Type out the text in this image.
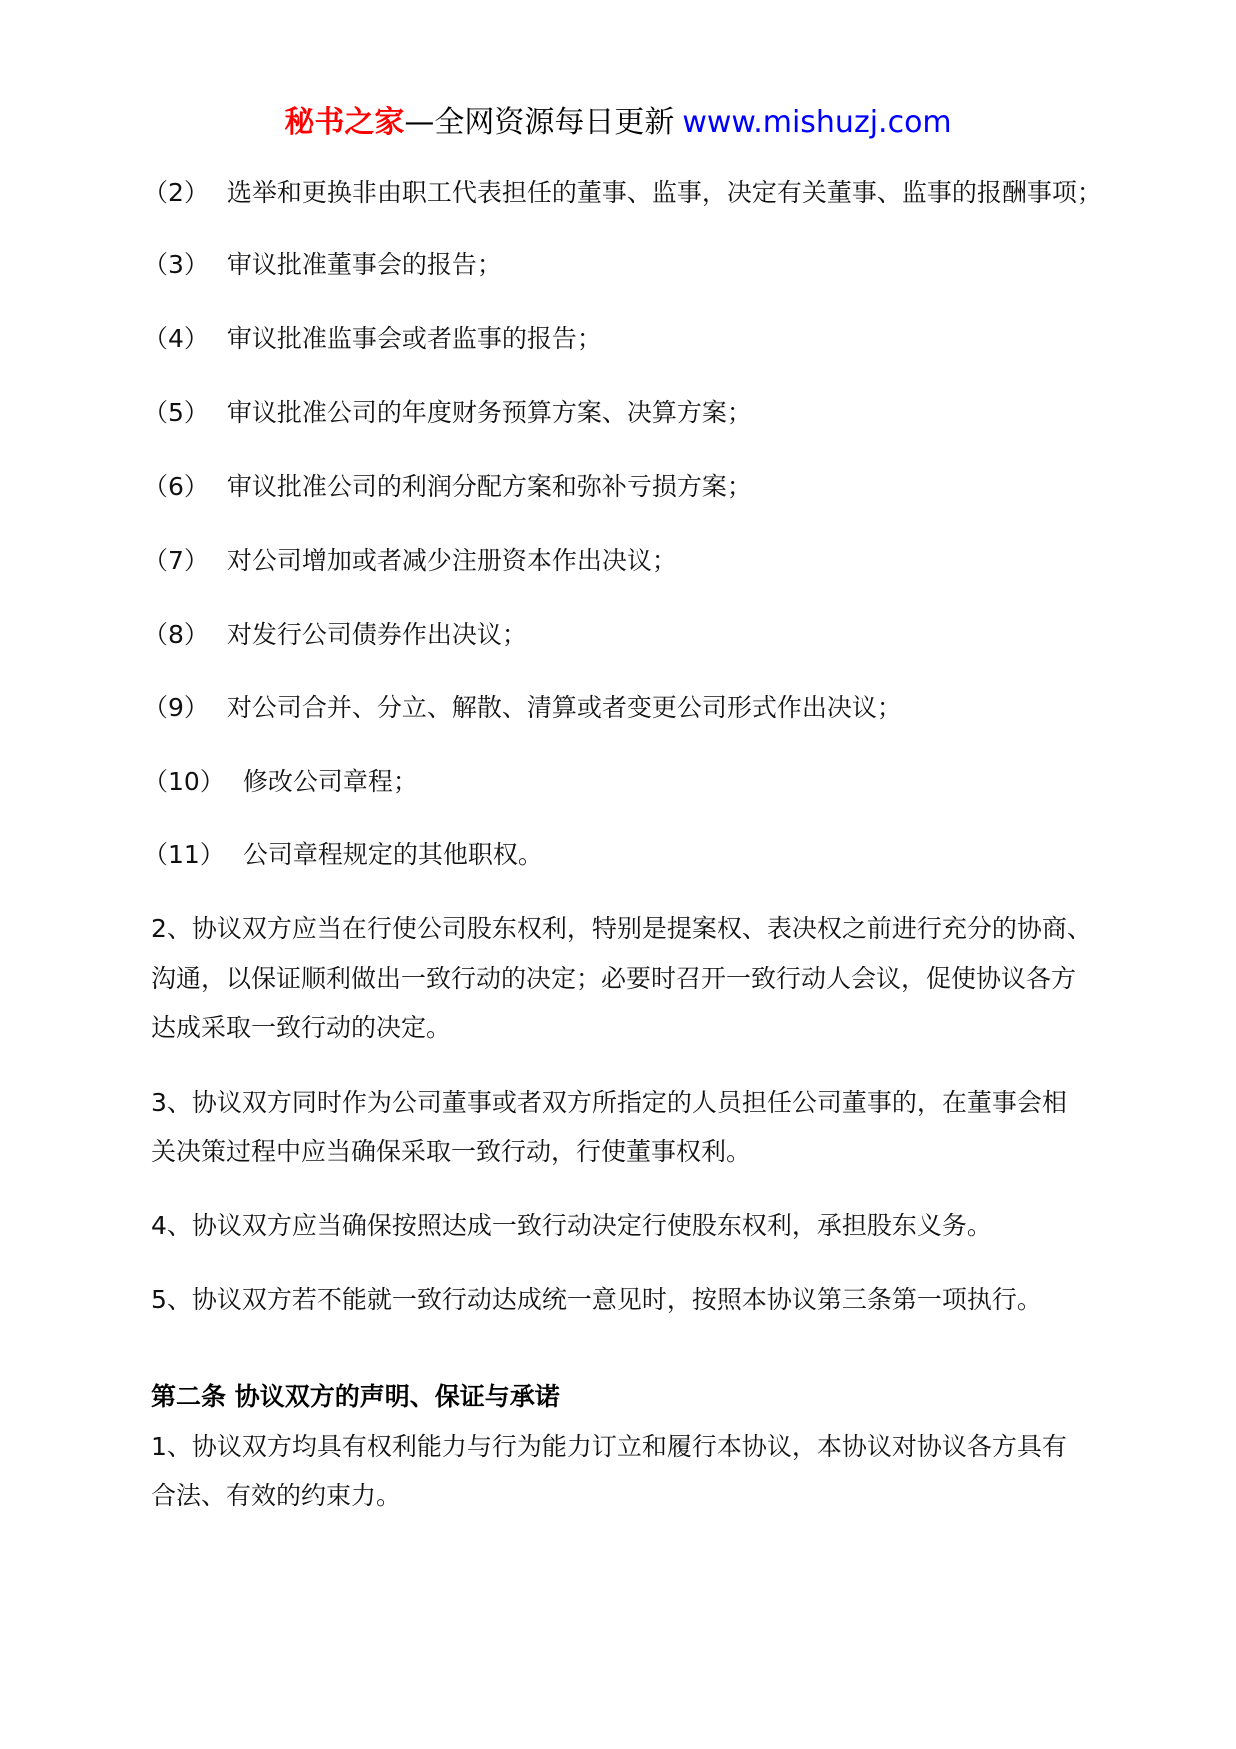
秘书之家—全网资源每日更新 www.mishuzj.com
（2） 选举和更换非由职工代表担任的董事、监事，决定有关董事、监事的报酬事项；
（3） 审议批准董事会的报告；
（4） 审议批准监事会或者监事的报告；
（5） 审议批准公司的年度财务预算方案、决算方案；
（6） 审议批准公司的利润分配方案和弥补亏损方案；
（7） 对公司增加或者减少注册资本作出决议；
（8） 对发行公司债券作出决议；
（9） 对公司合并、分立、解散、清算或者变更公司形式作出决议；
（10） 修改公司章程；
（11） 公司章程规定的其他职权。
2、协议双方应当在行使公司股东权利，特别是提案权、表决权之前进行充分的协商、
沟通，以保证顺利做出一致行动的决定；必要时召开一致行动人会议，促使协议各方
达成采取一致行动的决定。
3、协议双方同时作为公司董事或者双方所指定的人员担任公司董事的，在董事会相
关决策过程中应当确保采取一致行动，行使董事权利。
4、协议双方应当确保按照达成一致行动决定行使股东权利，承担股东义务。
5、协议双方若不能就一致行动达成统一意见时，按照本协议第三条第一项执行。
第二条 协议双方的声明、保证与承诺
1、协议双方均具有权利能力与行为能力订立和履行本协议，本协议对协议各方具有
合法、有效的约束力。
